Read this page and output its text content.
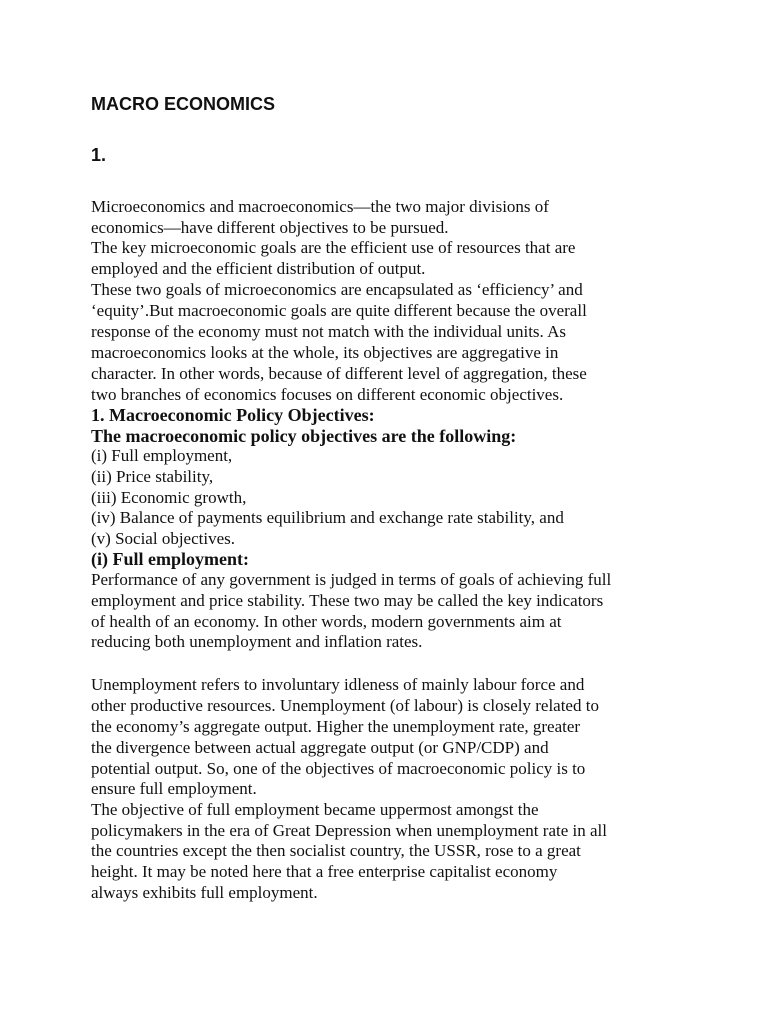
MACRO ECONOMICS
1.
Microeconomics and macroeconomics—the two major divisions of
economics—have different objectives to be pursued.
The key microeconomic goals are the efficient use of resources that are
employed and the efficient distribution of output.
These two goals of microeconomics are encapsulated as ‘efficiency’ and
‘equity’.But macroeconomic goals are quite different because the overall
response of the economy must not match with the individual units. As
macroeconomics looks at the whole, its objectives are aggregative in
character. In other words, because of different level of aggregation, these
two branches of economics focuses on different economic objectives.
1. Macroeconomic Policy Objectives:
The macroeconomic policy objectives are the following:
(i) Full employment,
(ii) Price stability,
(iii) Economic growth,
(iv) Balance of payments equilibrium and exchange rate stability, and
(v) Social objectives.
(i) Full employment:
Performance of any government is judged in terms of goals of achieving full
employment and price stability. These two may be called the key indicators
of health of an economy. In other words, modern governments aim at
reducing both unemployment and inflation rates.
Unemployment refers to involuntary idleness of mainly labour force and
other productive resources. Unemployment (of labour) is closely related to
the economy’s aggregate output. Higher the unemployment rate, greater
the divergence between actual aggregate output (or GNP/CDP) and
potential output. So, one of the objectives of macroeconomic policy is to
ensure full employment.
The objective of full employment became uppermost amongst the
policymakers in the era of Great Depression when unemployment rate in all
the countries except the then socialist country, the USSR, rose to a great
height. It may be noted here that a free enterprise capitalist economy
always exhibits full employment.
